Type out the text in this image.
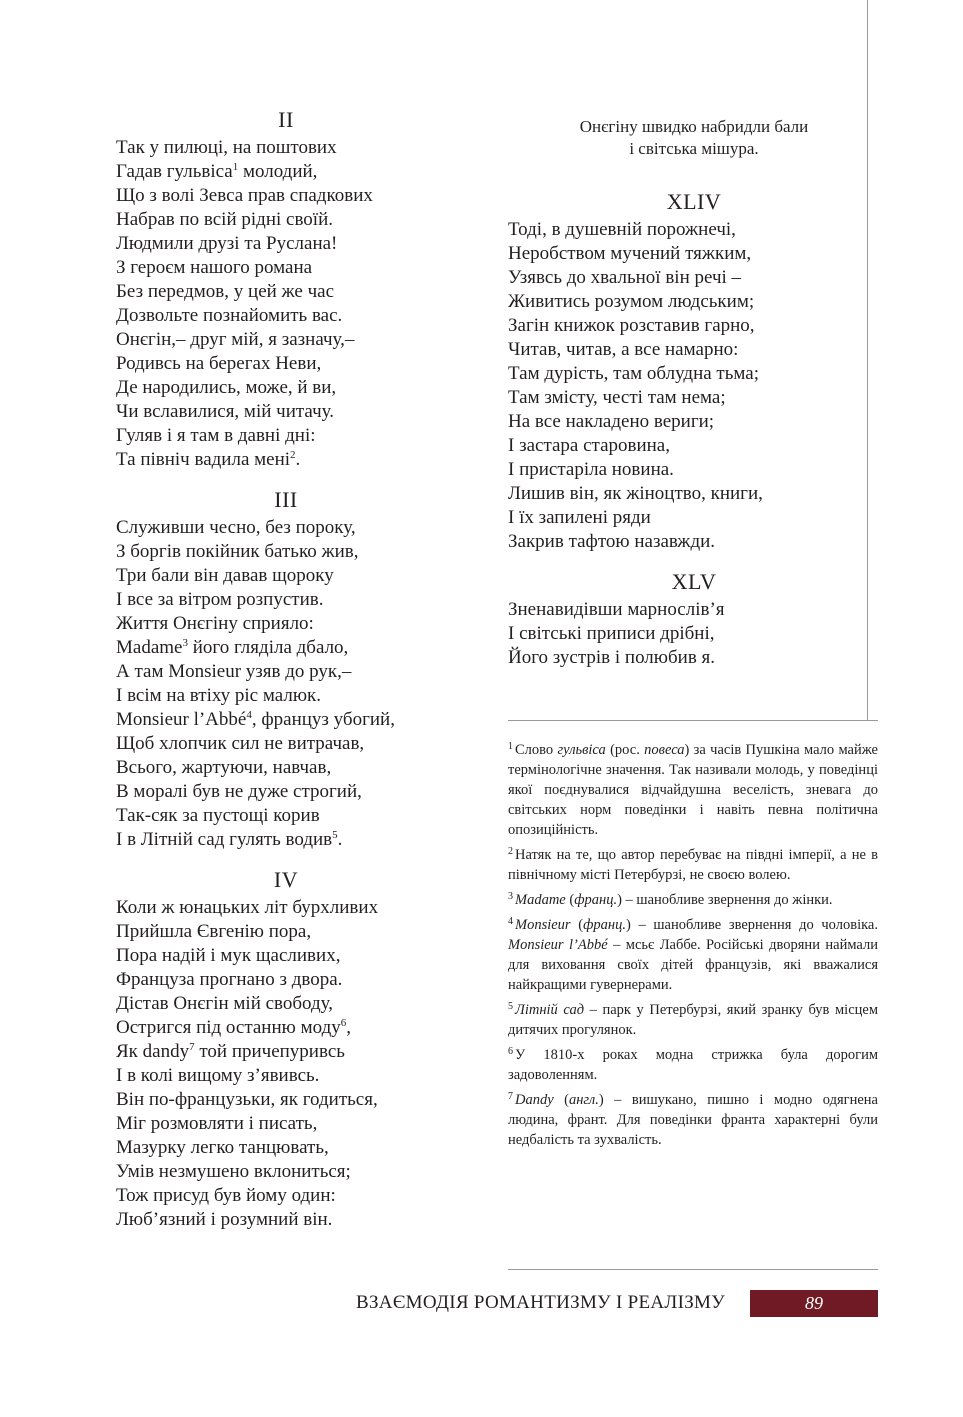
II
Так у пилюці, на поштових
Гадав гульвіса$^1$ молодий,
Що з волі Зевса прав спадкових
Набрав по всій рідні своїй.
Людмили друзі та Руслана!
З героєм нашого романа
Без передмов, у цей же час
Дозвольте познайомить вас.
Онєгін,– друг мій, я зазначу,–
Родивсь на берегах Неви,
Де народились, може, й ви,
Чи вславилися, мій читачу.
Гуляв і я там в давні дні:
Та північ вадила мені$^2$.
III
Служивши чесно, без пороку,
З боргів покійник батько жив,
Три бали він давав щороку
І все за вітром розпустив.
Життя Онєгіну сприяло:
Madame$^3$ його гляділа дбало,
А там Monsieur узяв до рук,–
І всім на втіху ріс малюк.
Monsieur l’Abbé$^4$, француз убогий,
Щоб хлопчик сил не витрачав,
Всього, жартуючи, навчав,
В моралі був не дуже строгий,
Так-сяк за пустощі корив
І в Літній сад гулять водив$^5$.
IV
Коли ж юнацьких літ бурхливих
Прийшла Євгенію пора,
Пора надій і мук щасливих,
Француза прогнано з двора.
Дістав Онєгін мій свободу,
Остригся під останню моду$^6$,
Як dandy$^7$ той причепуривсь
І в колі вищому з’явивсь.
Він по-французьки, як годиться,
Міг розмовляти і писать,
Мазурку легко танцювать,
Умів незмушено вклониться;
Тож присуд був йому один:
Люб’язний і розумний він.
Онєгіну швидко набридли бали
і світська мішура.
XLIV
Тоді, в душевній порожнечі,
Неробством мучений тяжким,
Узявсь до хвальної він речі –
Живитись розумом людським;
Загін книжок розставив гарно,
Читав, читав, а все намарно:
Там дурість, там облудна тьма;
Там змісту, честі там нема;
На все накладено вериги;
І застара старовина,
І пристаріла новина.
Лишив він, як жіноцтво, книги,
І їх запилені ряди
Закрив тафтою назавжди.
XLV
Зненавидівши марнослів’я
І світські приписи дрібні,
Його зустрів і полюбив я.
$^1$ Слово гульвіса (рос. повеса) за часів Пушкіна мало майже термінологічне значення. Так називали молодь, у поведінці якої поєднувалися відчайдушна веселість, зневага до світських норм поведінки і навіть певна політична опозиційність.
$^2$ Натяк на те, що автор перебуває на півдні імперії, а не в північному місті Петербурзі, не своєю волею.
$^3$ Madame (франц.) – шанобливе звернення до жінки.
$^4$ Monsieur (франц.) – шанобливе звернення до чоловіка. Monsieur l’Abbé – мсьє Лаббе. Російські дворяни наймали для виховання своїх дітей французів, які вважалися найкращими гувернерами.
$^5$ Літній сад – парк у Петербурзі, який зранку був місцем дитячих прогулянок.
$^6$ У 1810-х роках модна стрижка була дорогим задоволенням.
$^7$ Dandy (англ.) – вишукано, пишно і модно одягнена людина, франт. Для поведінки франта характерні були недбалість та зухвалість.
ВЗАЄМОДІЯ РОМАНТИЗМУ І РЕАЛІЗМУ	89
